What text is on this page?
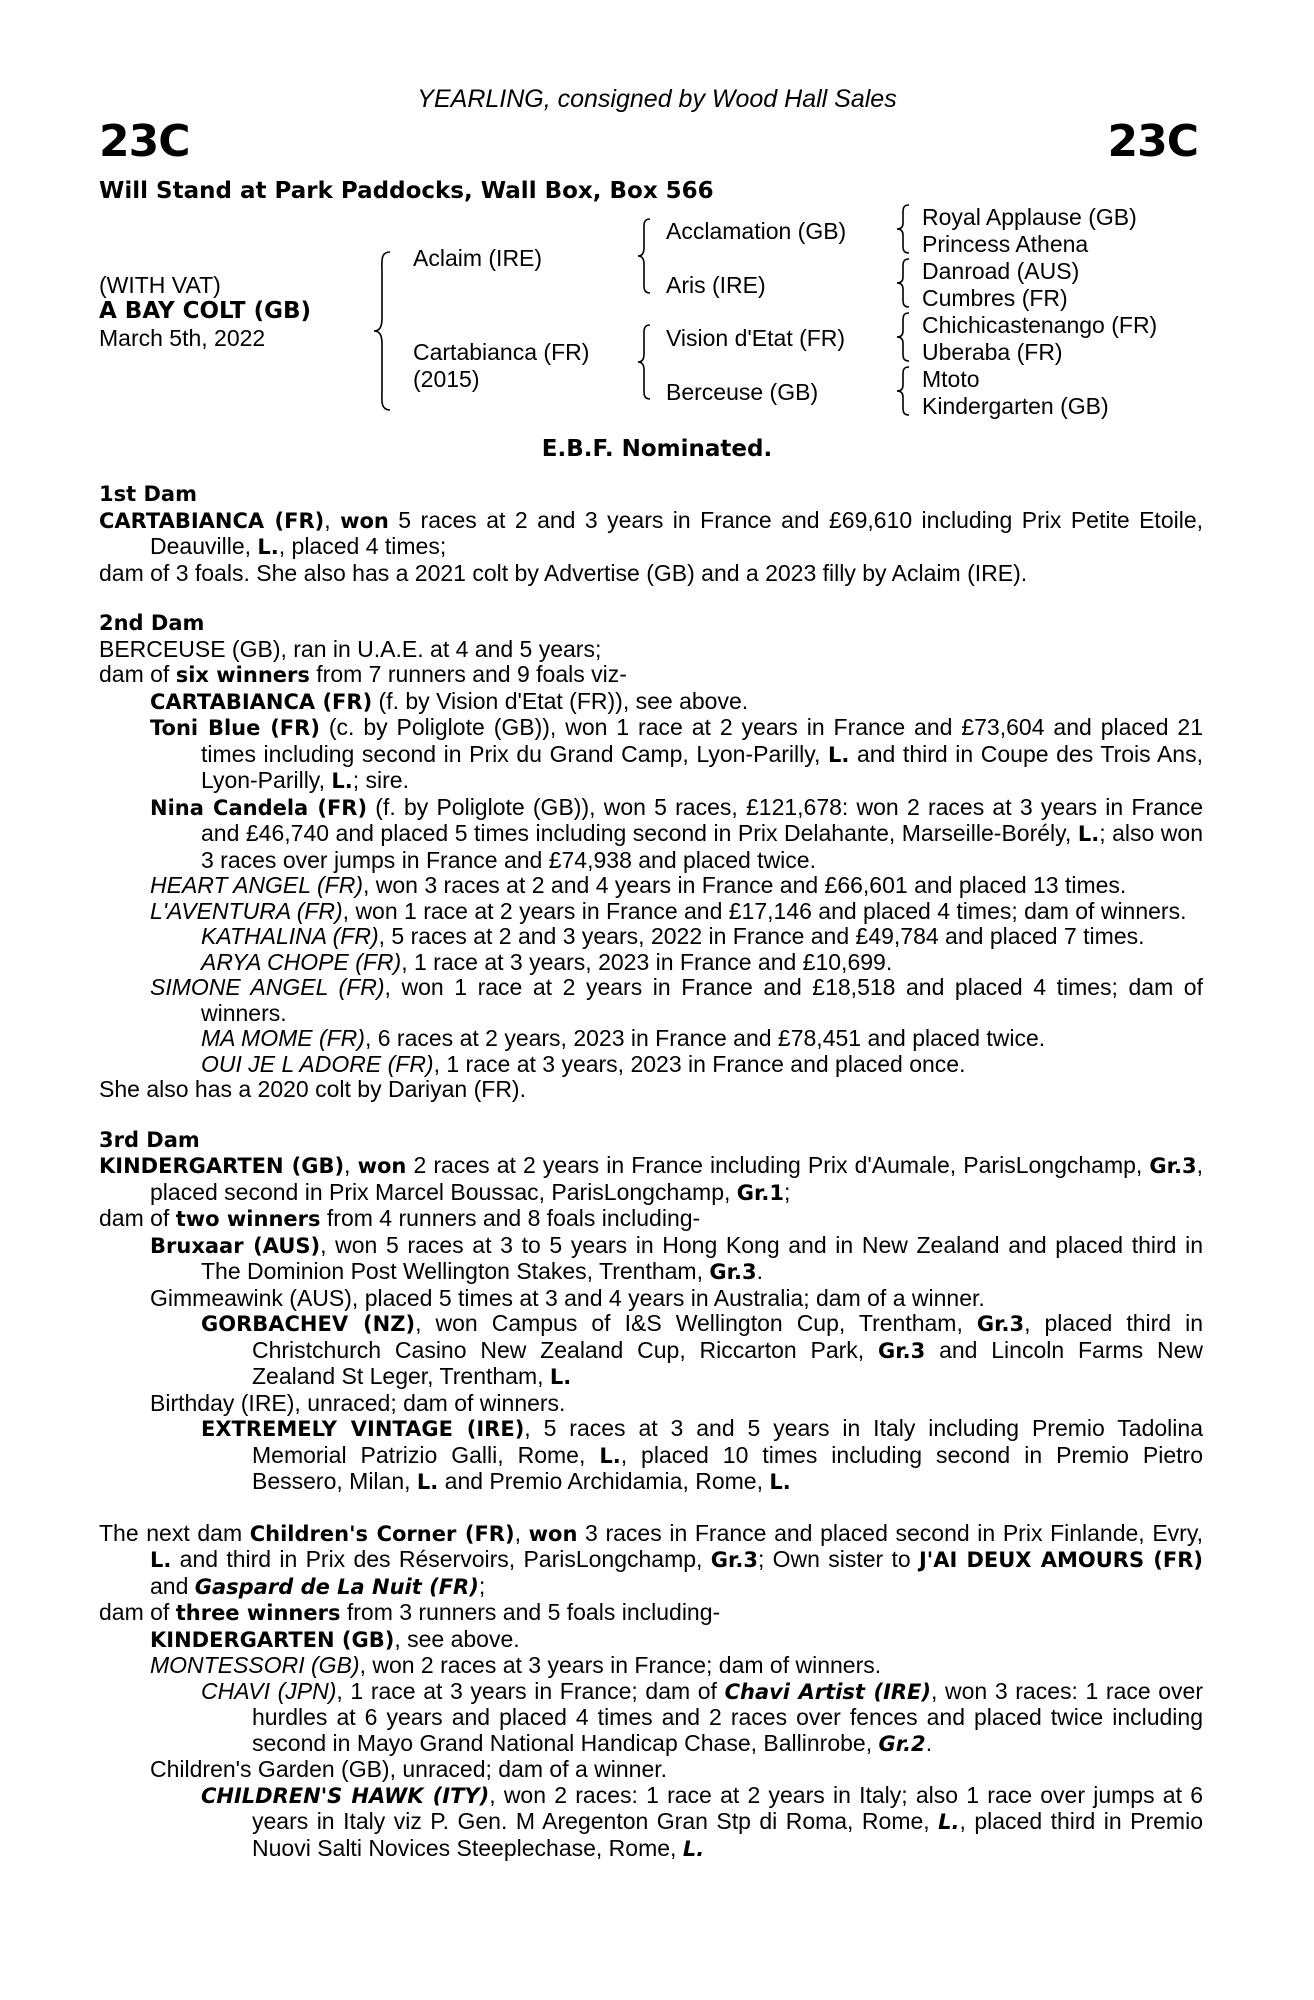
YEARLING, consigned by Wood Hall Sales
23C	23C
Will Stand at Park Paddocks, Wall Box, Box 566
(WITH VAT)
A BAY COLT (GB)
March 5th, 2022
Aclaim (IRE)
Cartabianca (FR)
(2015)
Acclamation (GB)
Aris (IRE)
Vision d'Etat (FR)
Berceuse (GB)
Royal Applause (GB)
Princess Athena
Danroad (AUS)
Cumbres (FR)
Chichicastenango (FR)
Uberaba (FR)
Mtoto
Kindergarten (GB)
E.B.F. Nominated.
1st Dam

CARTABIANCA (FR), won 5 races at 2 and 3 years in France and £69,610 including Prix Petite Etoile, Deauville, L., placed 4 times;

dam of 3 foals. She also has a 2021 colt by Advertise (GB) and a 2023 filly by Aclaim (IRE).

2nd Dam

BERCEUSE (GB), ran in U.A.E. at 4 and 5 years;

dam of six winners from 7 runners and 9 foals viz-

CARTABIANCA (FR) (f. by Vision d'Etat (FR)), see above.

Toni Blue (FR) (c. by Poliglote (GB)), won 1 race at 2 years in France and £73,604 and placed 21 times including second in Prix du Grand Camp, Lyon-Parilly, L. and third in Coupe des Trois Ans, Lyon-Parilly, L.; sire.

Nina Candela (FR) (f. by Poliglote (GB)), won 5 races, £121,678: won 2 races at 3 years in France and £46,740 and placed 5 times including second in Prix Delahante, Marseille-Borély, L.; also won 3 races over jumps in France and £74,938 and placed twice.

HEART ANGEL (FR), won 3 races at 2 and 4 years in France and £66,601 and placed 13 times.

L'AVENTURA (FR), won 1 race at 2 years in France and £17,146 and placed 4 times; dam of winners.

KATHALINA (FR), 5 races at 2 and 3 years, 2022 in France and £49,784 and placed 7 times.

ARYA CHOPE (FR), 1 race at 3 years, 2023 in France and £10,699.

SIMONE ANGEL (FR), won 1 race at 2 years in France and £18,518 and placed 4 times; dam of winners.

MA MOME (FR), 6 races at 2 years, 2023 in France and £78,451 and placed twice.

OUI JE L ADORE (FR), 1 race at 3 years, 2023 in France and placed once.

She also has a 2020 colt by Dariyan (FR).

3rd Dam

KINDERGARTEN (GB), won 2 races at 2 years in France including Prix d'Aumale, ParisLongchamp, Gr.3, placed second in Prix Marcel Boussac, ParisLongchamp, Gr.1;

dam of two winners from 4 runners and 8 foals including-

Bruxaar (AUS), won 5 races at 3 to 5 years in Hong Kong and in New Zealand and placed third in The Dominion Post Wellington Stakes, Trentham, Gr.3.

Gimmeawink (AUS), placed 5 times at 3 and 4 years in Australia; dam of a winner.

GORBACHEV (NZ), won Campus of I&S Wellington Cup, Trentham, Gr.3, placed third in Christchurch Casino New Zealand Cup, Riccarton Park, Gr.3 and Lincoln Farms New Zealand St Leger, Trentham, L.

Birthday (IRE), unraced; dam of winners.

EXTREMELY VINTAGE (IRE), 5 races at 3 and 5 years in Italy including Premio Tadolina Memorial Patrizio Galli, Rome, L., placed 10 times including second in Premio Pietro Bessero, Milan, L. and Premio Archidamia, Rome, L.

The next dam Children's Corner (FR), won 3 races in France and placed second in Prix Finlande, Evry, L. and third in Prix des Réservoirs, ParisLongchamp, Gr.3; Own sister to J'AI DEUX AMOURS (FR) and Gaspard de La Nuit (FR);

dam of three winners from 3 runners and 5 foals including-

KINDERGARTEN (GB), see above.

MONTESSORI (GB), won 2 races at 3 years in France; dam of winners.

CHAVI (JPN), 1 race at 3 years in France; dam of Chavi Artist (IRE), won 3 races: 1 race over hurdles at 6 years and placed 4 times and 2 races over fences and placed twice including second in Mayo Grand National Handicap Chase, Ballinrobe, Gr.2.

Children's Garden (GB), unraced; dam of a winner.

CHILDREN'S HAWK (ITY), won 2 races: 1 race at 2 years in Italy; also 1 race over jumps at 6 years in Italy viz P. Gen. M Aregenton Gran Stp di Roma, Rome, L., placed third in Premio Nuovi Salti Novices Steeplechase, Rome, L.
